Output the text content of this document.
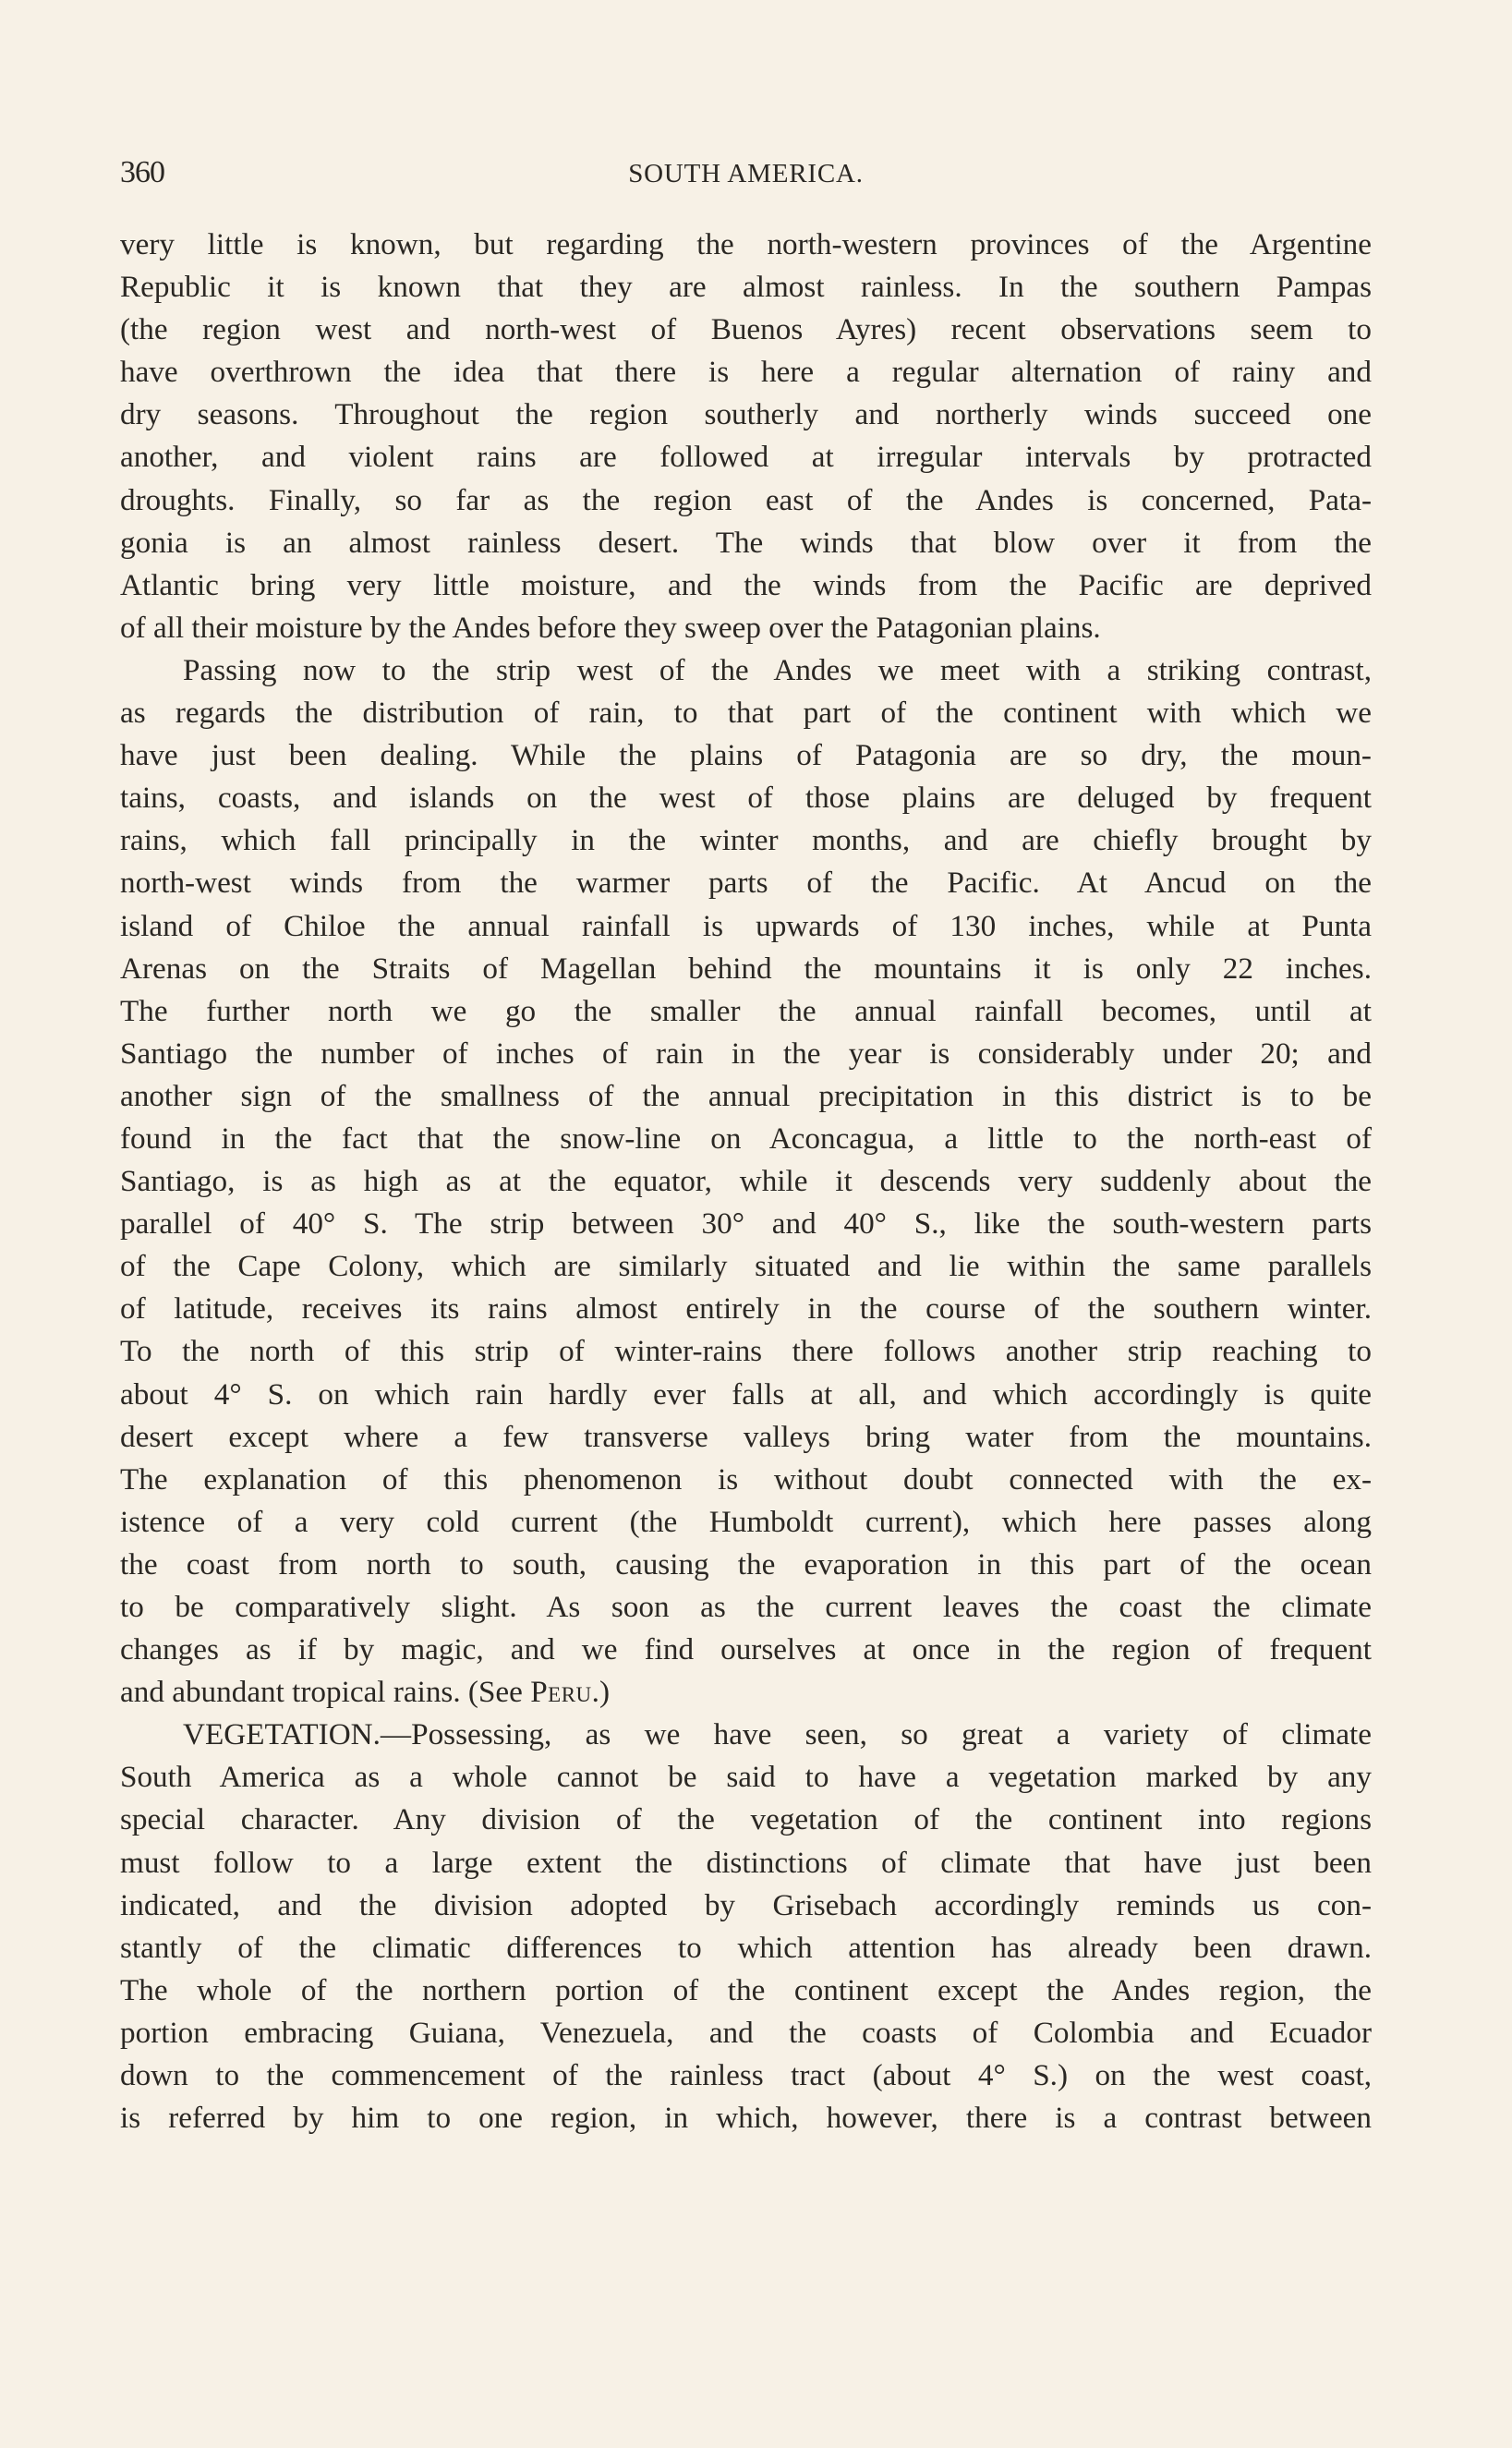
360	SOUTH AMERICA.
very little is known, but regarding the north-western provinces of the Argentine
Republic it is known that they are almost rainless. In the southern Pampas
(the region west and north-west of Buenos Ayres) recent observations seem to
have overthrown the idea that there is here a regular alternation of rainy and
dry seasons. Throughout the region southerly and northerly winds succeed one
another, and violent rains are followed at irregular intervals by protracted
droughts. Finally, so far as the region east of the Andes is concerned, Pata-
gonia is an almost rainless desert. The winds that blow over it from the
Atlantic bring very little moisture, and the winds from the Pacific are deprived
of all their moisture by the Andes before they sweep over the Patagonian plains.
Passing now to the strip west of the Andes we meet with a striking contrast,
as regards the distribution of rain, to that part of the continent with which we
have just been dealing. While the plains of Patagonia are so dry, the moun-
tains, coasts, and islands on the west of those plains are deluged by frequent
rains, which fall principally in the winter months, and are chiefly brought by
north-west winds from the warmer parts of the Pacific. At Ancud on the
island of Chiloe the annual rainfall is upwards of 130 inches, while at Punta
Arenas on the Straits of Magellan behind the mountains it is only 22 inches.
The further north we go the smaller the annual rainfall becomes, until at
Santiago the number of inches of rain in the year is considerably under 20; and
another sign of the smallness of the annual precipitation in this district is to be
found in the fact that the snow-line on Aconcagua, a little to the north-east of
Santiago, is as high as at the equator, while it descends very suddenly about the
parallel of 40° S. The strip between 30° and 40° S., like the south-western parts
of the Cape Colony, which are similarly situated and lie within the same parallels
of latitude, receives its rains almost entirely in the course of the southern winter.
To the north of this strip of winter-rains there follows another strip reaching to
about 4° S. on which rain hardly ever falls at all, and which accordingly is quite
desert except where a few transverse valleys bring water from the mountains.
The explanation of this phenomenon is without doubt connected with the ex-
istence of a very cold current (the Humboldt current), which here passes along
the coast from north to south, causing the evaporation in this part of the ocean
to be comparatively slight. As soon as the current leaves the coast the climate
changes as if by magic, and we find ourselves at once in the region of frequent
and abundant tropical rains. (See Peru.)
VEGETATION.—Possessing, as we have seen, so great a variety of climate
South America as a whole cannot be said to have a vegetation marked by any
special character. Any division of the vegetation of the continent into regions
must follow to a large extent the distinctions of climate that have just been
indicated, and the division adopted by Grisebach accordingly reminds us con-
stantly of the climatic differences to which attention has already been drawn.
The whole of the northern portion of the continent except the Andes region, the
portion embracing Guiana, Venezuela, and the coasts of Colombia and Ecuador
down to the commencement of the rainless tract (about 4° S.) on the west coast,
is referred by him to one region, in which, however, there is a contrast between
